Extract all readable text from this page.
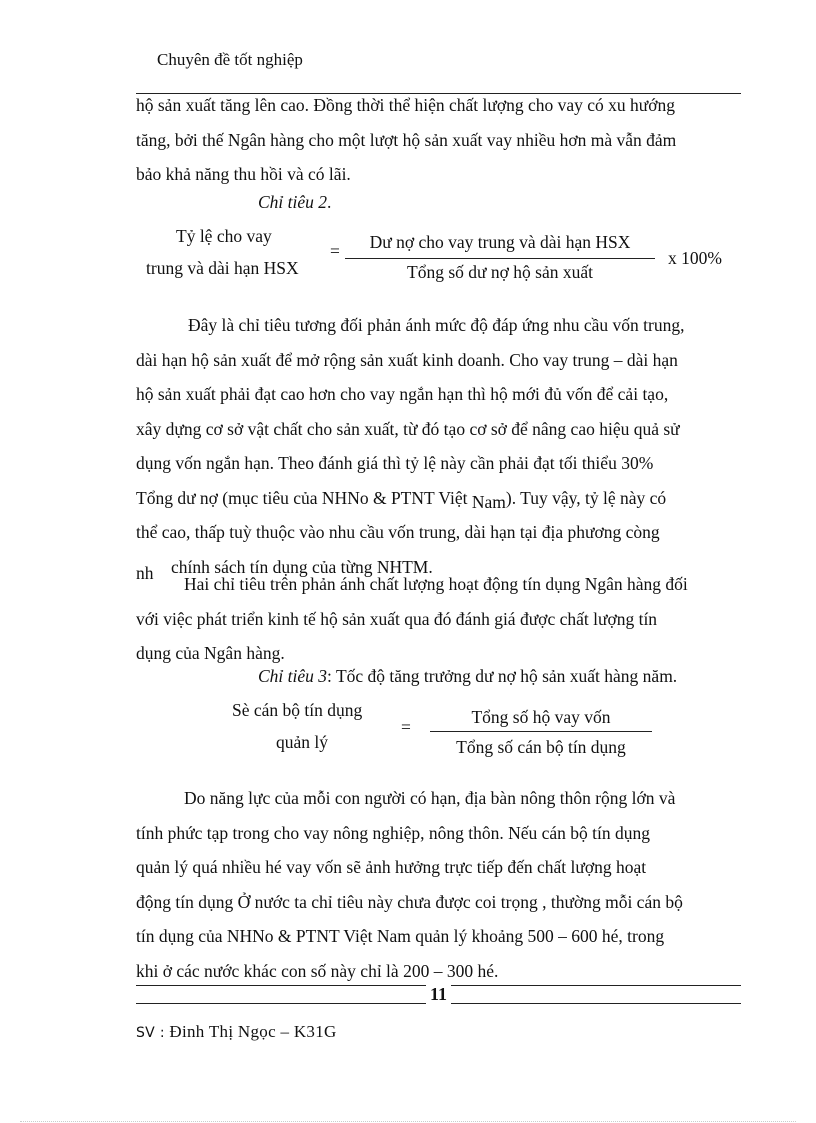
Chuyên đề tốt nghiệp
hộ sản xuất tăng lên cao. Đồng thời thể hiện chất lượng cho vay có xu hướng
tăng, bởi thế Ngân hàng cho một lượt hộ sản xuất vay nhiều hơn mà vẫn đảm
bảo khả năng thu hồi và có lãi.
Chỉ tiêu 2.
Tỷ lệ cho vay
trung và dài hạn HSX
=	Dư nợ cho vay trung và dài hạn HSX
Tổng số dư nợ hộ sản xuất
x 100%
Đây là chỉ tiêu tương đối phản ánh mức độ đáp ứng nhu cầu vốn trung,
dài hạn hộ sản xuất để mở rộng sản xuất kinh doanh. Cho vay trung – dài hạn
hộ sản xuất phải đạt cao hơn cho vay ngắn hạn thì hộ mới đủ vốn để cải tạo,
xây dựng cơ sở vật chất cho sản xuất, từ đó tạo cơ sở để nâng cao hiệu quả sử
dụng vốn ngắn hạn. Theo đánh giá thì tỷ lệ này cần phải đạt tối thiểu 30%
Tổng dư nợ (mục tiêu của NHNo & PTNT Việt Nam). Tuy vậy, tỷ lệ này có
thể cao, thấp tuỳ thuộc vào nhu cầu vốn trung, dài hạn tại địa phương còng
nh chính sách tín dụng của từng NHTM.
Hai chỉ tiêu trên phản ánh chất lượng hoạt động tín dụng Ngân hàng đối
với việc phát triển kinh tế hộ sản xuất qua đó đánh giá được chất lượng tín
dụng của Ngân hàng.
Chỉ tiêu 3: Tốc độ tăng trưởng dư nợ hộ sản xuất hàng năm.
Sè cán bộ tín dụng
quản lý
=	Tổng số hộ vay vốn
Tổng số cán bộ tín dụng
Do năng lực của mỗi con người có hạn, địa bàn nông thôn rộng lớn và
tính phức tạp trong cho vay nông nghiệp, nông thôn. Nếu cán bộ tín dụng
quản lý quá nhiều hé vay vốn sẽ ảnh hưởng trực tiếp đến chất lượng hoạt
động tín dụng Ở nước ta chỉ tiêu này chưa được coi trọng , thường mỗi cán bộ
tín dụng của NHNo & PTNT Việt Nam quản lý khoảng 500 – 600 hé, trong
khi ở các nước khác con số này chỉ là 200 – 300 hé.
11
SV : Đinh Thị Ngọc – K31G
